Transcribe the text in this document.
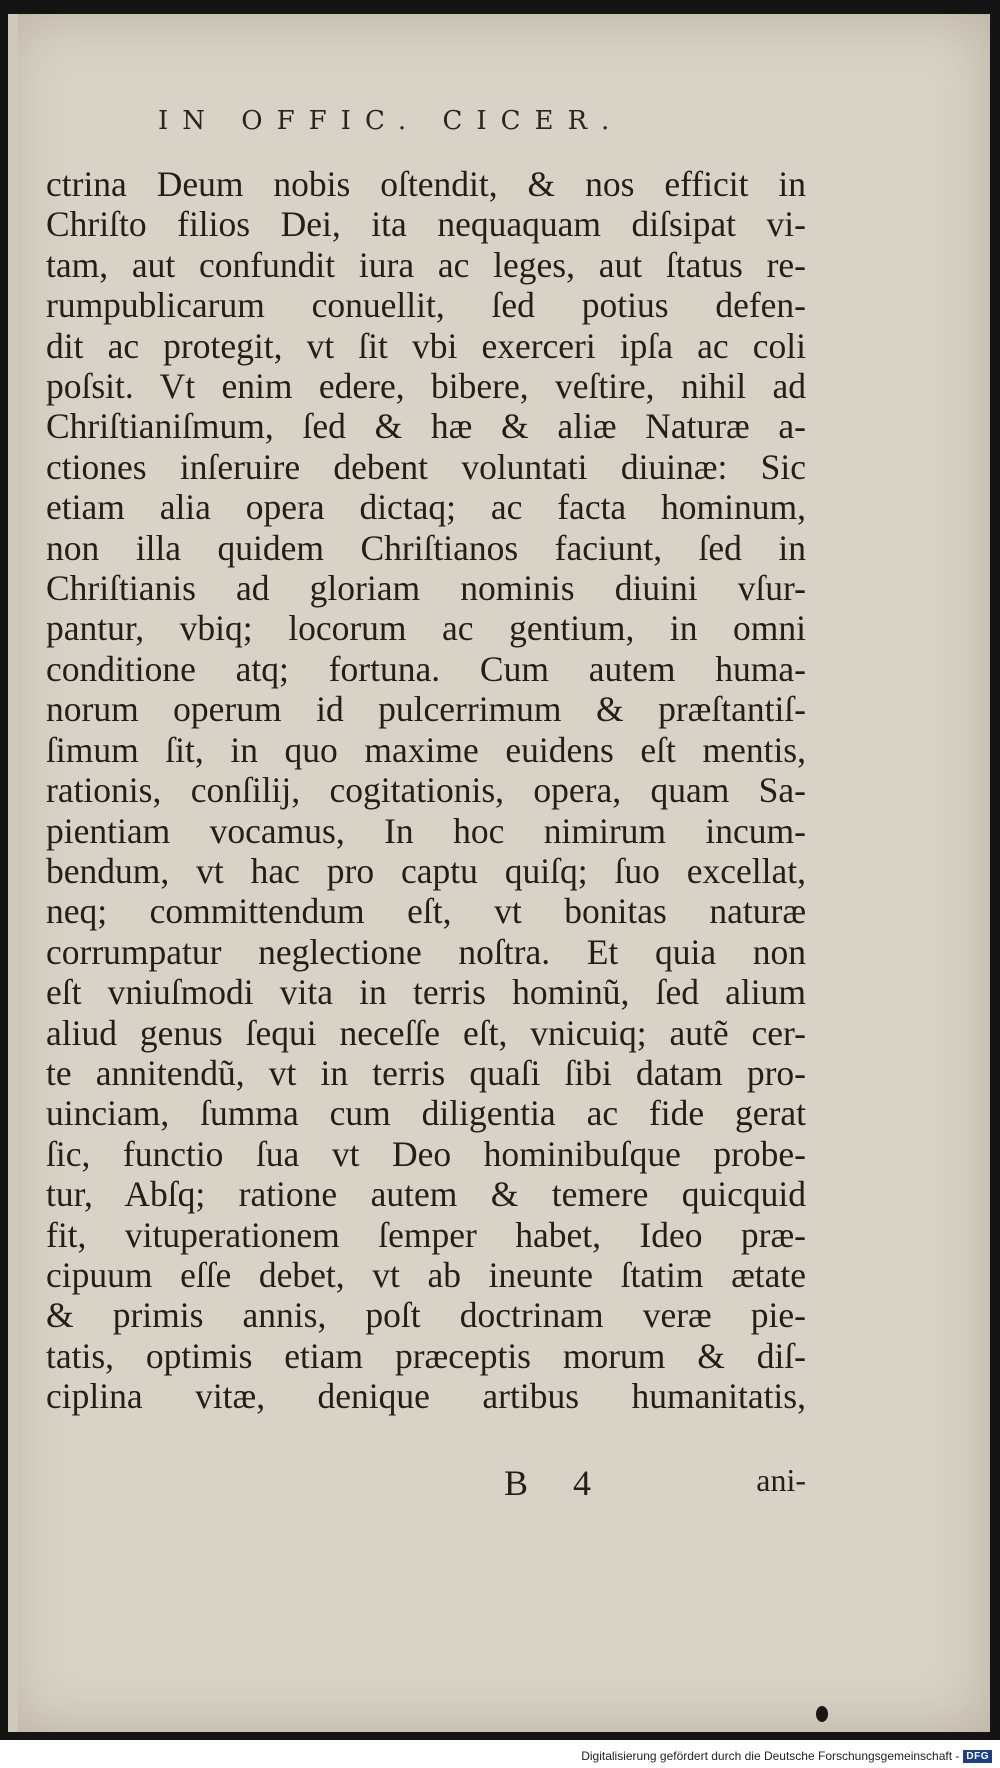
IN OFFIC. CICER.
ctrina Deum nobis oſtendit, & nos efficit in
Chriſto filios Dei, ita nequaquam diſsipat vi-
tam, aut confundit iura ac leges, aut ſtatus re-
rumpublicarum conuellit, ſed potius defen-
dit ac protegit, vt ſit vbi exerceri ipſa ac coli
poſsit. Vt enim edere, bibere, veſtire, nihil ad
Chriſtianiſmum, ſed & hæ & aliæ Naturæ a-
ctiones inſeruire debent voluntati diuinæ: Sic
etiam alia opera dictaq; ac facta hominum,
non illa quidem Chriſtianos faciunt, ſed in
Chriſtianis ad gloriam nominis diuini vſur-
pantur, vbiq; locorum ac gentium, in omni
conditione atq; fortuna. Cum autem huma-
norum operum id pulcerrimum & præſtantiſ-
ſimum ſit, in quo maxime euidens eſt mentis,
rationis, conſilij, cogitationis, opera, quam Sa-
pientiam vocamus, In hoc nimirum incum-
bendum, vt hac pro captu quiſq; ſuo excellat,
neq; committendum eſt, vt bonitas naturæ
corrumpatur neglectione noſtra. Et quia non
eſt vniuſmodi vita in terris hominũ, ſed alium
aliud genus ſequi neceſſe eſt, vnicuiq; autẽ cer-
te annitendũ, vt in terris quaſi ſibi datam pro-
uinciam, ſumma cum diligentia ac fide gerat
ſic, functio ſua vt Deo hominibuſque probe-
tur, Abſq; ratione autem & temere quicquid
fit, vituperationem ſemper habet, Ideo præ-
cipuum eſſe debet, vt ab ineunte ſtatim ætate
& primis annis, poſt doctrinam veræ pie-
tatis, optimis etiam præceptis morum & diſ-
ciplina vitæ, denique artibus humanitatis,
B 4	ani-
Digitalisierung gefördert durch die Deutsche Forschungsgemeinschaft - DFG
